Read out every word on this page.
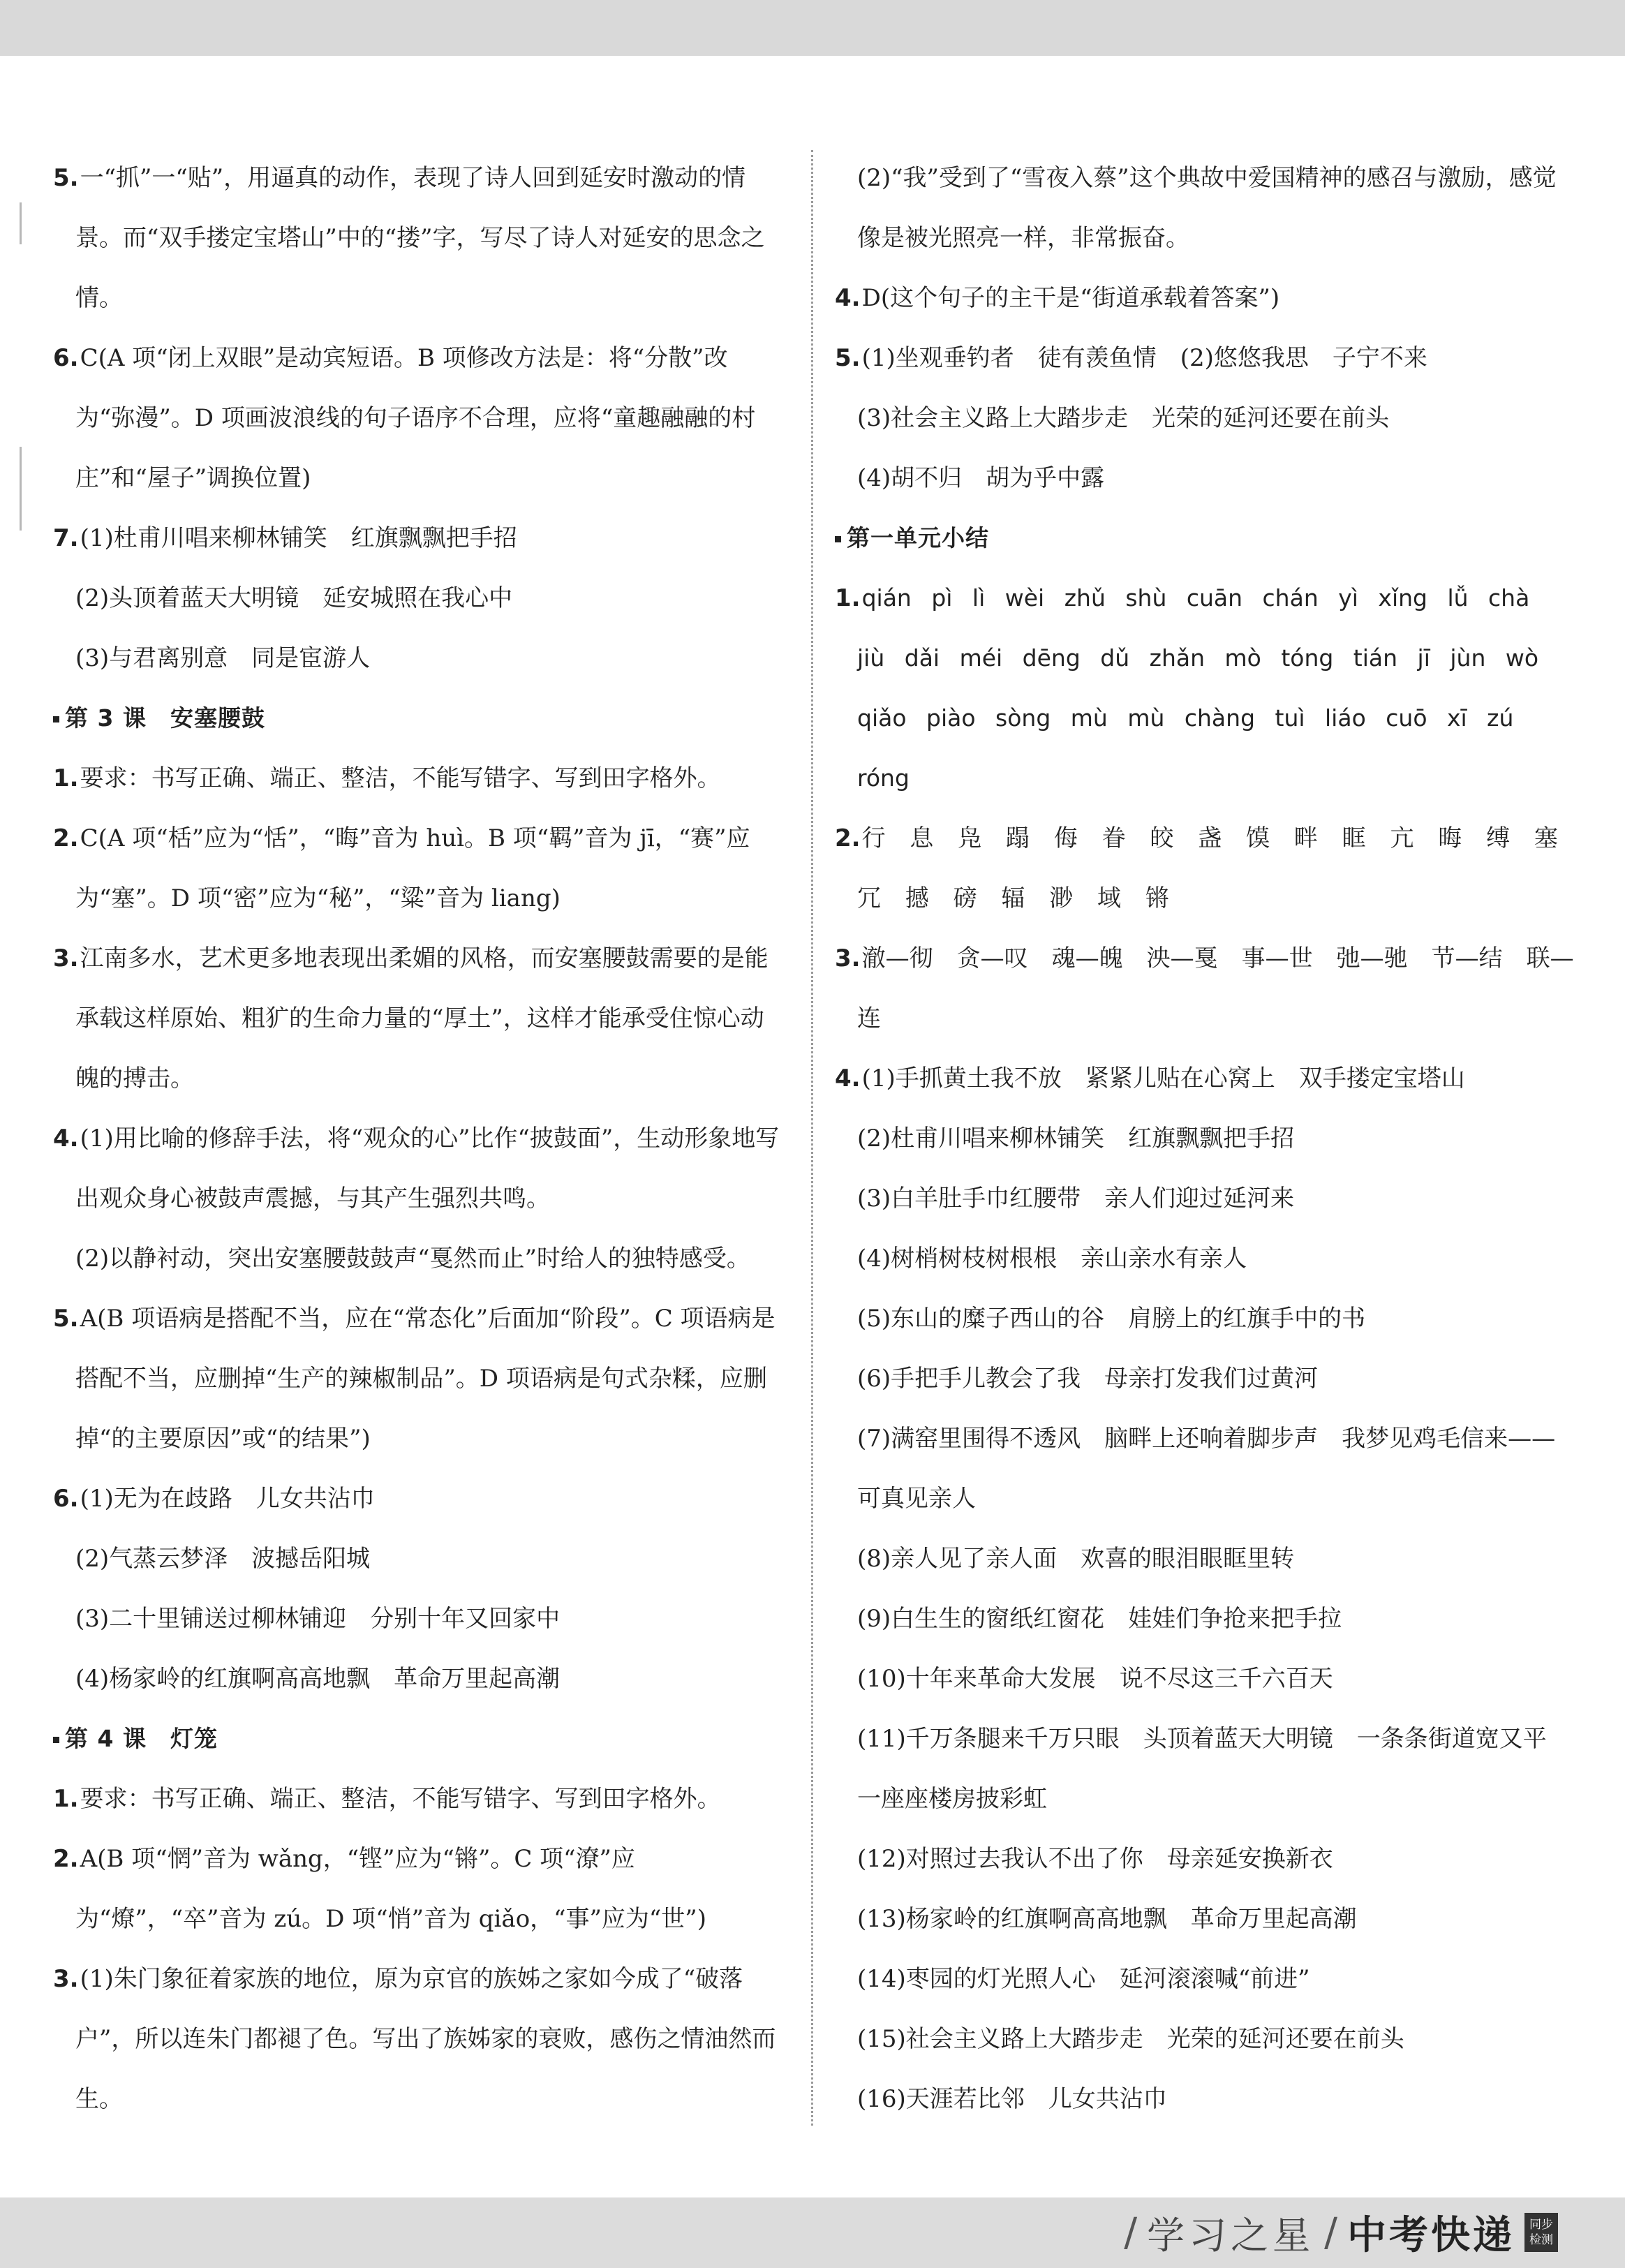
5.一“抓”一“贴”，用逼真的动作，表现了诗人回到延安时激动的情景。而“双手搂定宝塔山”中的“搂”字，写尽了诗人对延安的思念之情。

6.C(A 项“闭上双眼”是动宾短语。B 项修改方法是：将“分散”改为“弥漫”。D 项画波浪线的句子语序不合理，应将“童趣融融的村庄”和“屋子”调换位置)

7.(1)杜甫川唱来柳林铺笑　红旗飘飘把手招

(2)头顶着蓝天大明镜　延安城照在我心中

(3)与君离别意　同是宦游人

第 3 课　安塞腰鼓

1.要求：书写正确、端正、整洁，不能写错字、写到田字格外。

2.C(A 项“栝”应为“恬”，“晦”音为 huì。B 项“羁”音为 jī，“赛”应为“塞”。D 项“密”应为“秘”，“粱”音为 liang)

3.江南多水，艺术更多地表现出柔媚的风格，而安塞腰鼓需要的是能承载这样原始、粗犷的生命力量的“厚土”，这样才能承受住惊心动魄的搏击。

4.(1)用比喻的修辞手法，将“观众的心”比作“披鼓面”，生动形象地写出观众身心被鼓声震撼，与其产生强烈共鸣。

(2)以静衬动，突出安塞腰鼓鼓声“戛然而止”时给人的独特感受。

5.A(B 项语病是搭配不当，应在“常态化”后面加“阶段”。C 项语病是搭配不当，应删掉“生产的辣椒制品”。D 项语病是句式杂糅，应删掉“的主要原因”或“的结果”)

6.(1)无为在歧路　儿女共沾巾

(2)气蒸云梦泽　波撼岳阳城

(3)二十里铺送过柳林铺迎　分别十年又回家中

(4)杨家岭的红旗啊高高地飘　革命万里起高潮

第 4 课　灯笼

1.要求：书写正确、端正、整洁，不能写错字、写到田字格外。

2.A(B 项“惘”音为 wǎng，“铿”应为“锵”。C 项“潦”应为“燎”，“卒”音为 zú。D 项“悄”音为 qiǎo，“事”应为“世”)

3.(1)朱门象征着家族的地位，原为京官的族姊之家如今成了“破落户”，所以连朱门都褪了色。写出了族姊家的衰败，感伤之情油然而生。

(2)“我”受到了“雪夜入蔡”这个典故中爱国精神的感召与激励，感觉像是被光照亮一样，非常振奋。

4.D(这个句子的主干是“街道承载着答案”)

5.(1)坐观垂钓者　徒有羡鱼情　(2)悠悠我思　子宁不来

(3)社会主义路上大踏步走　光荣的延河还要在前头

(4)胡不归　胡为乎中露

第一单元小结

1.qián pì lì wèi zhǔ shù cuān chán yì xǐng lǚ chà jiù dǎi méi dēng dǔ zhǎn mò tóng tián jī jùn wò qiǎo piào sòng mù mù chàng tuì liáo cuō xī zú róng

2.行 息 凫 蹋 侮 眷 皎 盏 馍 畔 眶 亢 晦 缚 塞 冗 撼 磅 辐 渺 域 锵

3.澈—彻　贪—叹　魂—魄　泱—戛　事—世　弛—驰　节—结　联—连

4.(1)手抓黄土我不放　紧紧儿贴在心窝上　双手搂定宝塔山

(2)杜甫川唱来柳林铺笑　红旗飘飘把手招

(3)白羊肚手巾红腰带　亲人们迎过延河来

(4)树梢树枝树根根　亲山亲水有亲人

(5)东山的糜子西山的谷　肩膀上的红旗手中的书

(6)手把手儿教会了我　母亲打发我们过黄河

(7)满窑里围得不透风　脑畔上还响着脚步声　我梦见鸡毛信来——可真见亲人

(8)亲人见了亲人面　欢喜的眼泪眼眶里转

(9)白生生的窗纸红窗花　娃娃们争抢来把手拉

(10)十年来革命大发展　说不尽这三千六百天

(11)千万条腿来千万只眼　头顶着蓝天大明镜　一条条街道宽又平　一座座楼房披彩虹

(12)对照过去我认不出了你　母亲延安换新衣

(13)杨家岭的红旗啊高高地飘　革命万里起高潮

(14)枣园的灯光照人心　延河滚滚喊“前进”

(15)社会主义路上大踏步走　光荣的延河还要在前头

(16)天涯若比邻　儿女共沾巾

/ 学习之星 / 中考快递 同步
检测
